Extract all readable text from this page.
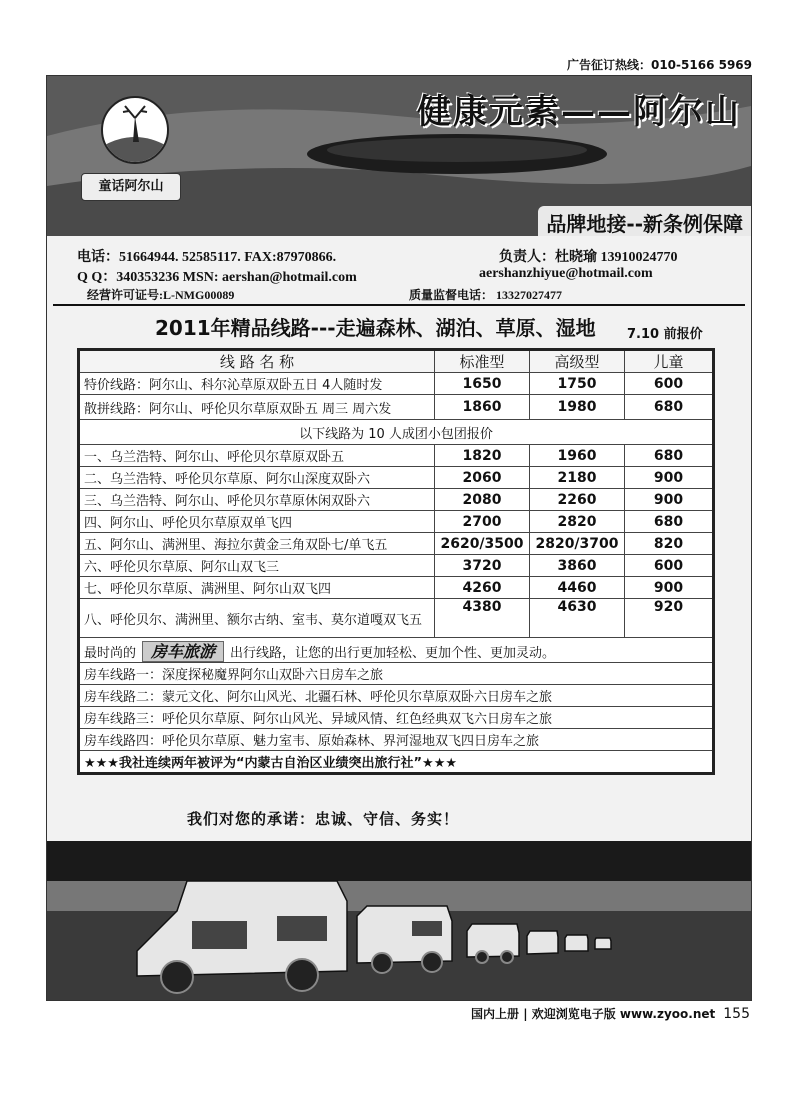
广告征订热线：010-5166 5969
童话阿尔山
健康元素——阿尔山
品牌地接--新条例保障
电话：51664944. 52585117. FAX:87970866.	负责人：杜晓瑜 13910024770
Q Q：340353236 MSN: aershan@hotmail.com	aershanzhiyue@hotmail.com
经营许可证号:L-NMG00089	质量监督电话： 13327027477
2011年精品线路---走遍森林、湖泊、草原、湿地 7.10 前报价
线 路 名 称	标准型	高级型	儿童
特价线路：阿尔山、科尔沁草原双卧五日 4人随时发	1650	1750	600
散拼线路：阿尔山、呼伦贝尔草原双卧五 周三 周六发	1860	1980	680
以下线路为 10 人成团小包团报价			
一、乌兰浩特、阿尔山、呼伦贝尔草原双卧五	1820	1960	680
二、乌兰浩特、呼伦贝尔草原、阿尔山深度双卧六	2060	2180	900
三、乌兰浩特、阿尔山、呼伦贝尔草原休闲双卧六	2080	2260	900
四、阿尔山、呼伦贝尔草原双单飞四	2700	2820	680
五、阿尔山、满洲里、海拉尔黄金三角双卧七/单飞五	2620/3500	2820/3700	820
六、呼伦贝尔草原、阿尔山双飞三	3720	3860	600
七、呼伦贝尔草原、满洲里、阿尔山双飞四	4260	4460	900
八、呼伦贝尔、满洲里、额尔古纳、室韦、莫尔道嘎双飞五	4380	4630	920
最时尚的 房车旅游 出行线路，让您的出行更加轻松、更加个性、更加灵动。			
房车线路一：深度探秘魔界阿尔山双卧六日房车之旅			
房车线路二：蒙元文化、阿尔山风光、北疆石林、呼伦贝尔草原双卧六日房车之旅			
房车线路三：呼伦贝尔草原、阿尔山风光、异域风情、红色经典双飞六日房车之旅			
房车线路四：呼伦贝尔草原、魅力室韦、原始森林、界河湿地双飞四日房车之旅			
★★★我社连续两年被评为“内蒙古自治区业绩突出旅行社”★★★			
我们对您的承诺：忠诚、守信、务实！
国内上册 | 欢迎浏览电子版 www.zyoo.net 155
